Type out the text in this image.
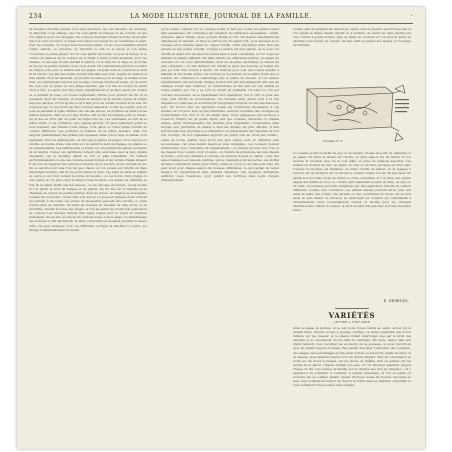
234	LA MODE ILLUSTRÉE, JOURNAL DE LA FAMILLE.	·
de meubles d'étoffes grisées, tous sans garniture, que ces meubles, les coussins, de fauteuils ou de chaises, que l'on veut garnir de franges ou de cordons, et que l'on emploie pour ces ouvrages. On coupe le morceau suivant la forme du meuble que l'on veut recouvrir, on laisse tout autour un rempli de un centimètre et demi. Pour les coussins, on coupe deux morceaux égaux, on les coud ensemble endroit contre endroit, on retourne, on introduit le crin ou le duvet et l'on ferme l'ouverture à points glissés. Si l'on veut garnir les bords, on pose la frange ou le cordon en dessous de la couture en le fixant à petits points invisibles. Pour les chaises, on découpe la toile suivant le patron, on la tend sur le siège et on la fixe au moyen de petites pointes ou de clous dorés. On commencera par fixer le milieu de chaque côté, puis on tendra vers les angles, en ayant soin de conserver le droit fil de l'étoffe. Les plis des angles doivent être faits avec soin, repliés en dessous et bien aplatis. Pour les fauteuils, on procède de même pour le siège, le dossier et les bras, en commençant toujours par le siège. Lorsque l'étoffe est posée, on recouvre les clous par un galon ou une gimpe assortie, que l'on fixe au moyen de petits clous à tête. Le galon doit être tendu régulièrement et ne faire aucun pli. Quand on a terminé la pose, on brosse légèrement l'étoffe pour enlever les fils et la poussière. Pour les rideaux, on mesure la hauteur de la fenêtre depuis la tringle jusqu'au parquet, et l'on ajoute ce qu'il faut pour les ourlets du haut et du bas. On coupe les lés, on les réunit par des coutures anglaises, on fait les ourlets, puis on pose les anneaux à égale distance les uns des autres. La doublure se taille sur les mêmes mesures, mais un peu plus étroite, afin qu'elle ne dépasse point le rideau. On la fixe au bord par un point de surjet très fin. Les embrasses se font de la même étoffe ou de cordelière, avec glands assortis. On peut également garnir le bord intérieur des rideaux d'une frange, d'un galon ou d'une bande d'étoffe de couleur différente. Les portières se traitent de la même manière, mais l'on emploie généralement des étoffes plus épaisses, telles que le reps, le damas ou la tapisserie. Pour les lambrequins, on découpe le patron en papier, on le reporte sur l'étoffe, on double d'une toile forte et l'on garnit le bord de franges, de glands ou de passementerie. Les lambrequins se fixent sur une planchette placée au-dessus de la fenêtre. Toutes ces garnitures doivent être exécutées avec la plus grande régularité, car le moindre défaut se voit et gâte l'ensemble. On veillera particulièrement à ce que les coutures soient droites et les ourlets d'égale largeur. Il est bon de repasser les coutures à mesure qu'on les fait, en les ouvrant au fer. On se servira pour cela d'un fer peu chaud, et l'on posera sur l'étoffe un linge légèrement humide, afin de ne point lustrer le tissu. Les tapis de table se taillent en carré ou en rond, suivant la forme du meuble ; on les borde d'une frange ou d'un galon, et l'on peut orner le milieu d'une broderie. Les dessus de cheminée se font de la même étoffe que les rideaux ; on les découpe en festons, on les double et l'on garnit le bord de franges et de glands. On les fixe sur la tablette de la cheminée au moyen de petites pointes. Pour les stores, on emploie la mousseline, le nansouk ou la toile ; on les ourle tout autour, on pose les anneaux et les cordons qui servent à les lever. Les stores de mousseline peuvent être brodés ou ornés d'entre-deux de dentelle. On taille les housses de meubles en toile écrue ou en percaline, suivant la forme des sièges, et l'on en garnit les bords d'un petit liséré de couleur. Les housses doivent être assez larges pour se poser et s'enlever facilement. On les fixe au moyen de cordons noués sous le siège. Le blanchissage des housses se fait facilement, et elles conservent les meubles pendant la saison d'été. On peut employer pour ces différents ouvrages la machine à coudre, qui abrège considérablement le travail.
qu'on puisse compter sur un ouvrage solide, il faut que toutes les parties soient bien assemblées. On commence par préparer les matériaux nécessaires : étoffe, doublure, galon, frange, clous, pointes, ficelle et crin. On mesure exactement les dimensions du meuble, on trace le patron sur du papier fort, on le découpe et on l'essaye sur le meuble avant de couper l'étoffe. Cette précaution évite bien des erreurs et des pertes d'étoffe. Lorsque le patron est bien ajusté, on le pose sur l'étoffe en ayant soin de placer le dessin dans le sens convenable, et l'on coupe en laissant un rempli suffisant. On bâtit ensuite les différentes parties, on essaye de nouveau, et l'on coud définitivement. Pour les meubles capitonnés, le travail est plus compliqué ; on doit marquer sur l'étoffe la place des boutons, et former les plis qui vont d'un bouton à l'autre. On emploie pour cela une longue aiguille à matelas et une ficelle solide. Les boutons se recouvrent de la même étoffe que le meuble. On commence le capitonnage par le milieu du dossier, et l'on avance régulièrement vers les bords. Chaque bouton doit être tiré également, afin que les losanges soient bien réguliers. Le rembourrage se fait avec du crin animal de bonne qualité, que l'on a eu soin de carder au préalable. On place le crin par couches successives, en le répartissant bien également. Sur le crin on pose une toile, puis l'étoffe de recouvrement. Les meubles ainsi garnis sont à la fois élégants et commodes, et ils durent fort longtemps lorsqu'ils ont été exécutés avec soin. On trouve chez les tapissiers toutes les fournitures nécessaires à ces travaux, et l'on peut, avec un peu d'habitude, exécuter soi-même des ouvrages qui reviendraient fort cher si on les faisait faire. Nous engageons nos lectrices à s'exercer d'abord sur de petits objets, tels que coussins, tabourets ou chaises basses, avant d'entreprendre des meubles plus importants. L'expérience ainsi acquise leur permettra de mener à bien les travaux les plus délicats. Il faut surtout beaucoup de patience et d'attention ; la précipitation est l'ennemie de tout bon ouvrage. On doit également apporter un grand soin au choix des étoffes ; celles de bonne qualité, bien qu'un peu plus chères, sont en définitive plus économiques, car elles durent beaucoup plus longtemps. Les couleurs doivent s'harmoniser avec l'ensemble de l'appartement ; on évitera les tons trop crus et les dessins trop voyants. Pour un salon, on choisira de préférence les tons chauds et riches ; pour une chambre à coucher, les nuances douces et claires ; pour une salle à manger, les couleurs sombres, qui ne craignent point les taches. Les étoffes de laine conviennent mieux pour l'hiver, celles de coton ou de toile pour l'été. On peut avoir pour chaque saison des housses différentes, ce qui permet de varier l'aspect de l'appartement sans grandes dépenses. Ces quelques indications suffiront, nous l'espérons, pour guider nos lectrices dans leurs travaux d'ameublement.
rondes, afin de ménager les interstices. Après cela on prend le second morceau et l'on répète le même travail. Quand on a terminé, on réunit les deux parties par une couture à points arrière, puis on rabat les coutures et l'on pose le galon de garniture tout autour du coussin. On fixe enfin les glands aux angles, et l'ouvrage est terminé.
Coussin n° 2.
Le coussin se fait en étoffe de soie ou de velours, brodée au point de chaînette ou au passé. On trace le dessin sur l'étoffe, on tend celle-ci sur un métier et l'on exécute la broderie avec de la soie plate ou torse de nuances assorties. Les feuilles se brodent en vert, les fleurs en rose ou en bleu, les tiges en brun clair. Lorsque la broderie est terminée, on retire l'étoffe du métier, on la repasse à l'envers sur un molleton, et l'on monte le coussin comme il a été dit plus haut. On garnit le bord d'une ruche de ruban ou d'une cordelière, et l'on place aux quatre angles des glands de soie. Ce coussin peut également se faire en drap, en reps ou en satin ; la broderie peut être remplacée par une application d'étoffe de couleur différente, bordée d'un cordonnet. Les mêmes dessins peuvent servir pour des tapis de table, des écrans, des sachets ou des couvertures de livres. On en fera aussi de jolis dessus de tabouret en employant les couleurs qui conviennent à l'ameublement. Nous recommandons surtout ce modèle pour les ouvrages destinés à être offerts en cadeau ; il est d'un effet très gracieux et d'une exécution facile.
E. DESRUES.
VARIÉTÉS
LETTRE À UNE AMIE
Ainsi se passa la journée, et le soir nous trouva réunis au salon, autour de la grande table, chacun occupé à quelque ouvrage. La lampe répandait une douce lumière sur les visages, et le silence n'était interrompu que par le bruit des aiguilles et le craquement du feu dans la cheminée. Ma tante, assise dans son grand fauteuil, nous racontait les souvenirs de sa jeunesse, et nous l'écoutions avec un plaisir toujours nouveau. Elle parlait des fêtes d'autrefois, des costumes, des usages, des personnages qu'elle avait connus, et ses récits, pleins de grâce et de finesse, nous faisaient revivre tout un monde disparu. Puis la conversation se porta sur les livres nouveaux, sur les pièces de théâtre dont on parlait, sur les modes de la saison. Chacun donnait son avis, et l'on discutait gaiement jusqu'à l'heure du thé. Ces soirées de famille ont un charme que rien ne remplace ; on y apprend à se connaître, à s'estimer, à s'aimer davantage, et l'on en garde un souvenir qui ne s'efface jamais. Quand l'horloge sonna dix heures, ma tante se leva, nous souhaita le bonsoir, et chacun se retira dans sa chambre, emportant le doux sentiment d'une journée bien remplie.
